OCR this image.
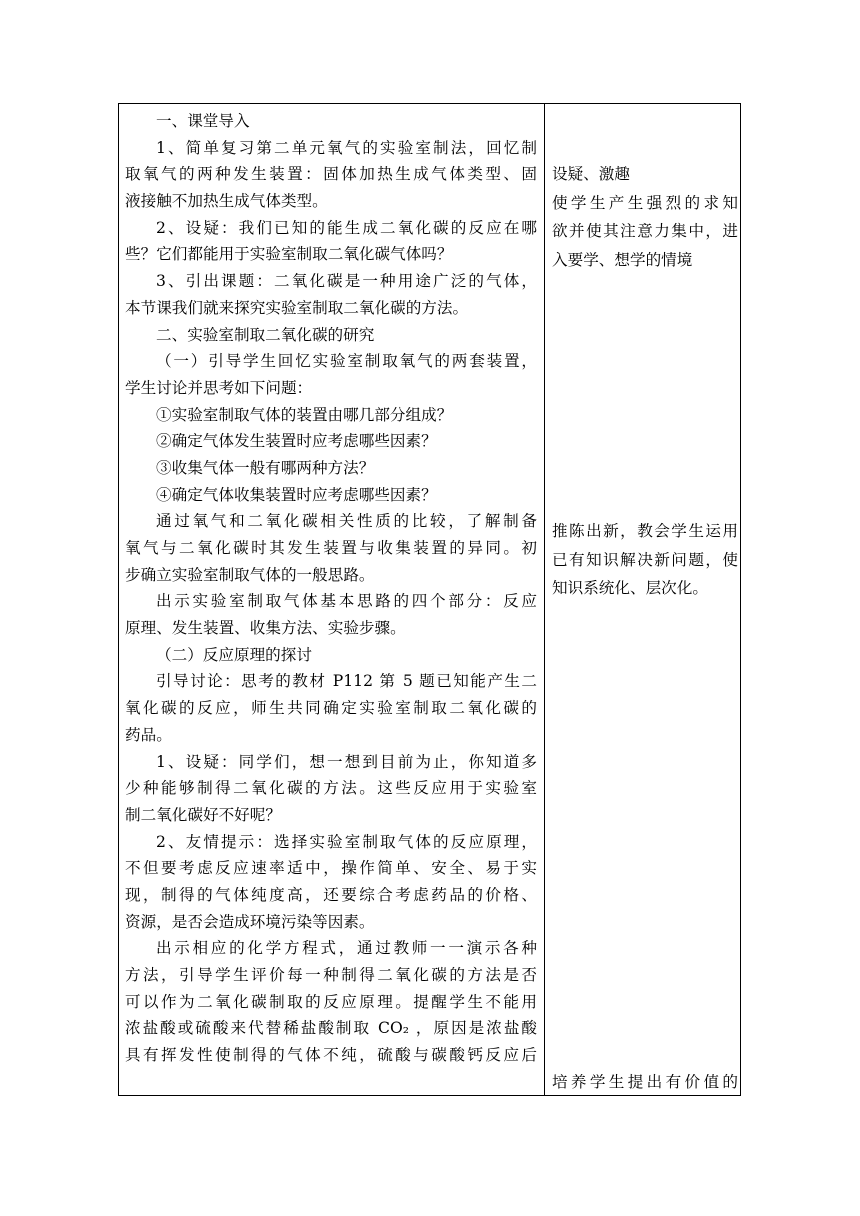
一、课堂导入
1、简单复习第二单元氧气的实验室制法，回忆制
取氧气的两种发生装置：固体加热生成气体类型、固
液接触不加热生成气体类型。
2、设疑：我们已知的能生成二氧化碳的反应在哪
些？它们都能用于实验室制取二氧化碳气体吗？
3、引出课题：二氧化碳是一种用途广泛的气体，
本节课我们就来探究实验室制取二氧化碳的方法。
二、实验室制取二氧化碳的研究
（一）引导学生回忆实验室制取氧气的两套装置，
学生讨论并思考如下问题：
①实验室制取气体的装置由哪几部分组成？
②确定气体发生装置时应考虑哪些因素？
③收集气体一般有哪两种方法？
④确定气体收集装置时应考虑哪些因素？
通过氧气和二氧化碳相关性质的比较，了解制备
氧气与二氧化碳时其发生装置与收集装置的异同。初
步确立实验室制取气体的一般思路。
出示实验室制取气体基本思路的四个部分：反应
原理、发生装置、收集方法、实验步骤。
（二）反应原理的探讨
引导讨论：思考的教材 P112 第 5 题已知能产生二
氧化碳的反应，师生共同确定实验室制取二氧化碳的
药品。
1、设疑：同学们，想一想到目前为止，你知道多
少种能够制得二氧化碳的方法。这些反应用于实验室
制二氧化碳好不好呢？
2、友情提示：选择实验室制取气体的反应原理，
不但要考虑反应速率适中，操作简单、安全、易于实
现，制得的气体纯度高，还要综合考虑药品的价格、
资源，是否会造成环境污染等因素。
出示相应的化学方程式，通过教师一一演示各种
方法，引导学生评价每一种制得二氧化碳的方法是否
可以作为二氧化碳制取的反应原理。提醒学生不能用
浓盐酸或硫酸来代替稀盐酸制取 CO₂ ，原因是浓盐酸
具有挥发性使制得的气体不纯，硫酸与碳酸钙反应后
设疑、激趣
使学生产生强烈的求知
欲并使其注意力集中，进
入要学、想学的情境
推陈出新，教会学生运用
已有知识解决新问题，使
知识系统化、层次化。
培养学生提出有价值的
